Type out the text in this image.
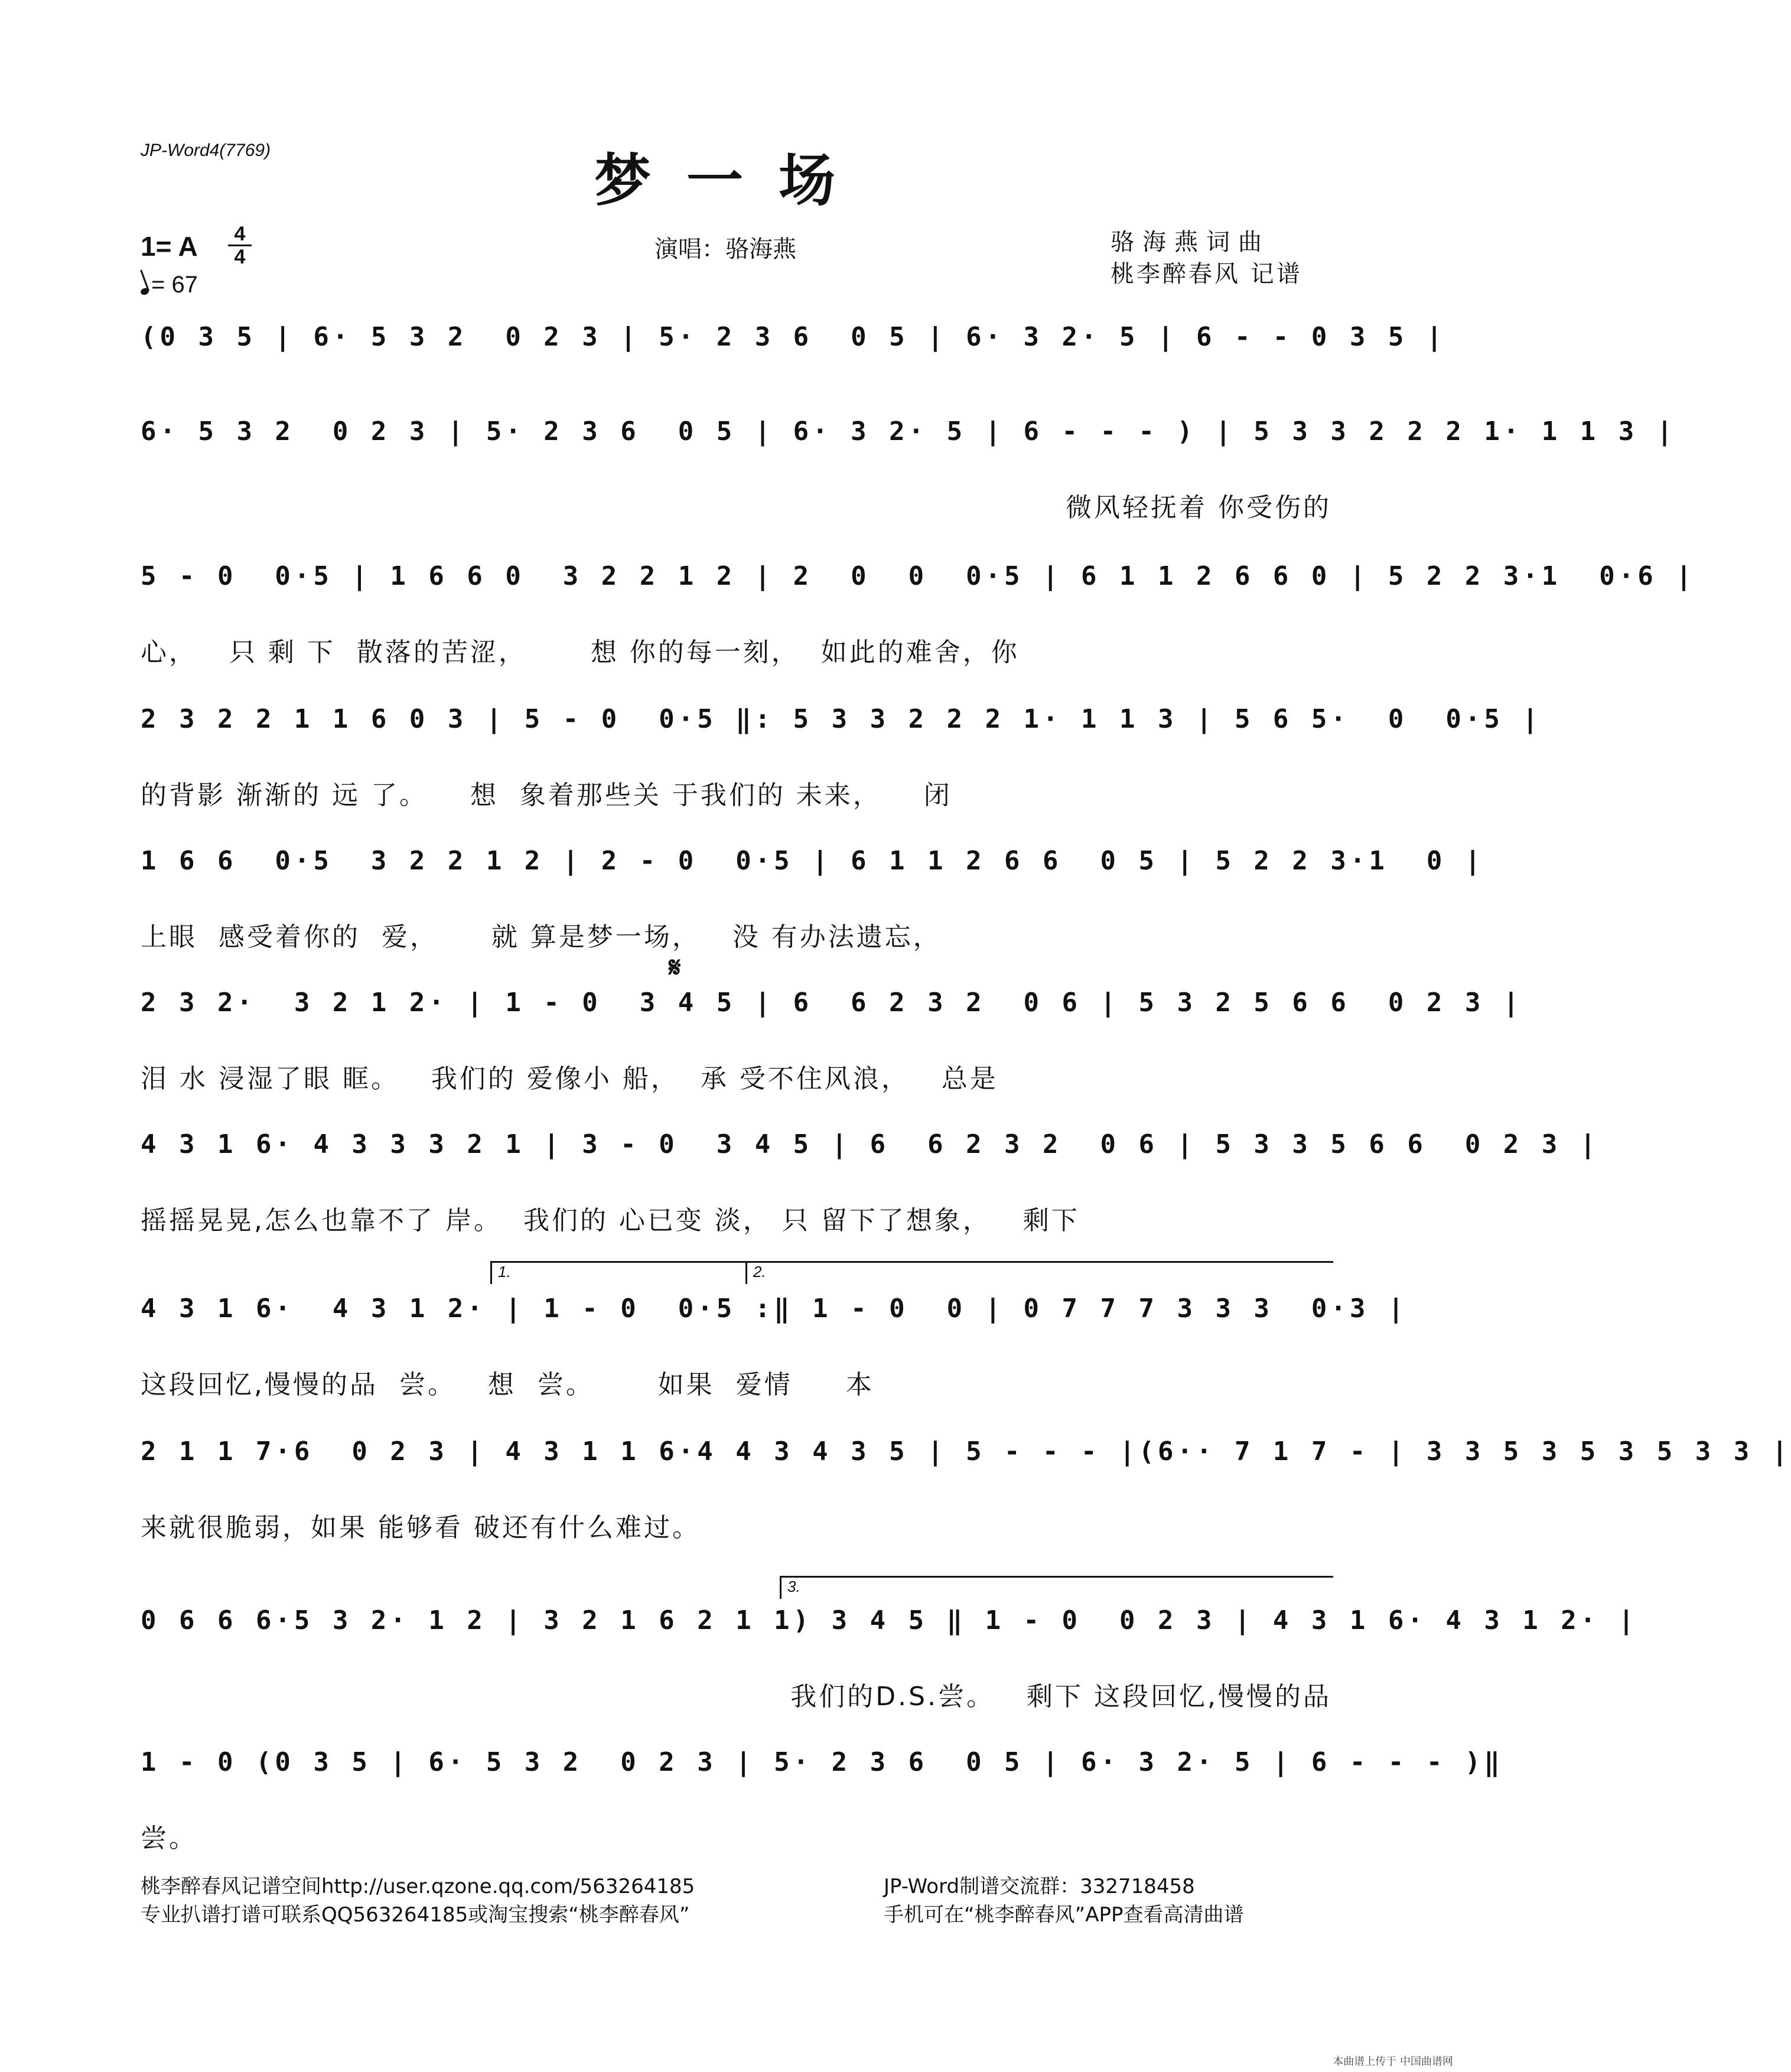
JP-Word4(7769)	梦一场
1= A	4
4
= 67
演唱：骆海燕	骆海燕词曲
桃李醉春风 记谱
(0 3 5 | 6· 5 3 2  0 2 3 | 5· 2 3 6  0 5 | 6· 3 2· 5 | 6 - - 0 3 5 |
6· 5 3 2  0 2 3 | 5· 2 3 6  0 5 | 6· 3 2· 5 | 6 - - - ) | 5 3 3 2 2 2 1· 1 1 3 |
微风轻抚着 你受伤的
5 - 0  0·5 | 1 6 6 0  3 2 2 1 2 | 2  0  0  0·5 | 6 1 1 2 6 6 0 | 5 2 2 3·1  0·6 |
心，   只 剩 下  散落的苦涩，      想 你的每一刻，  如此的难舍，你
2 3 2 2 1 1 6 0 3 | 5 - 0  0·5 ‖: 5 3 3 2 2 2 1· 1 1 3 | 5 6 5·  0  0·5 |
的背影 渐渐的 远 了。    想  象着那些关 于我们的 未来，    闭
1 6 6  0·5  3 2 2 1 2 | 2 - 0  0·5 | 6 1 1 2 6 6  0 5 | 5 2 2 3·1  0 |
上眼  感受着你的  爱，     就 算是梦一场，   没 有办法遗忘，
𝄋
2 3 2·  3 2 1 2· | 1 - 0  3 4 5 | 6  6 2 3 2  0 6 | 5 3 2 5 6 6  0 2 3 |
泪 水 浸湿了眼 眶。   我们的 爱像小 船，  承 受不住风浪，   总是
4 3 1 6· 4 3 3 3 2 1 | 3 - 0  3 4 5 | 6  6 2 3 2  0 6 | 5 3 3 5 6 6  0 2 3 |
摇摇晃晃,怎么也靠不了 岸。  我们的 心已变 淡， 只 留下了想象，   剩下
1.	2.
4 3 1 6·  4 3 1 2· | 1 - 0  0·5 :‖ 1 - 0  0 | 0 7 7 7 3 3 3  0·3 |
这段回忆,慢慢的品  尝。   想  尝。      如果  爱情     本
2 1 1 7·6  0 2 3 | 4 3 1 1 6·4 4 3 4 3 5 | 5 - - - |(6·· 7 1 7 - | 3 3 5 3 5 3 5 3 3 |
来就很脆弱，如果 能够看 破还有什么难过。
3.
0 6 6 6·5 3 2· 1 2 | 3 2 1 6 2 1 1) 3 4 5 ‖ 1 - 0  0 2 3 | 4 3 1 6· 4 3 1 2· |
我们的D.S.尝。   剩下 这段回忆,慢慢的品
1 - 0 (0 3 5 | 6· 5 3 2  0 2 3 | 5· 2 3 6  0 5 | 6· 3 2· 5 | 6 - - - )‖
尝。
桃李醉春风记谱空间http://user.qzone.qq.com/563264185
专业扒谱打谱可联系QQ563264185或淘宝搜索“桃李醉春风”
JP-Word制谱交流群：332718458
手机可在“桃李醉春风”APP查看高清曲谱
本曲谱上传于 中国曲谱网
